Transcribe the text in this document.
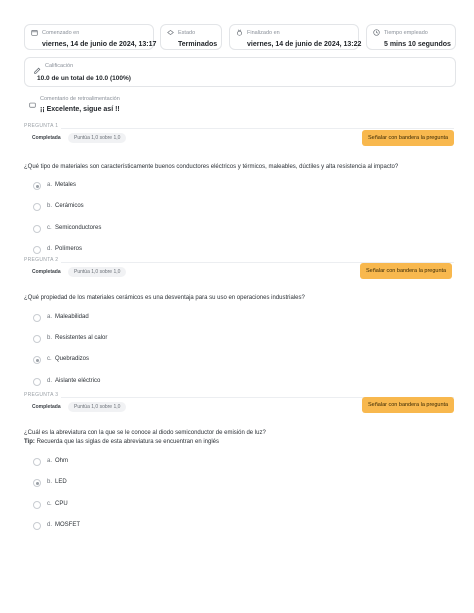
Comenzado en
viernes, 14 de junio de 2024, 13:17
Estado
Terminados
Finalizado en
viernes, 14 de junio de 2024, 13:22
Tiempo empleado
5 mins 10 segundos
Calificación
10.0 de un total de 10.0 (100%)
Comentario de retroalimentación
¡¡ Excelente, sigue así !!
PREGUNTA 1
Completada	Puntúa 1,0 sobre 1,0	Señalar con bandera la pregunta
¿Qué tipo de materiales son característicamente buenos conductores eléctricos y térmicos, maleables, dúctiles y alta resistencia al impacto?
a. Metales
b. Cerámicos
c. Semiconductores
d. Polímeros
PREGUNTA 2
Completada	Puntúa 1,0 sobre 1,0	Señalar con bandera la pregunta
¿Qué propiedad de los materiales cerámicos es una desventaja para su uso en operaciones industriales?
a. Maleabilidad
b. Resistentes al calor
c. Quebradizos
d. Aislante eléctrico
PREGUNTA 3
Completada	Puntúa 1,0 sobre 1,0	Señalar con bandera la pregunta
¿Cuál es la abreviatura con la que se le conoce al diodo semiconductor de emisión de luz?
Tip: Recuerda que las siglas de esta abreviatura se encuentran en inglés
a. Ohm
b. LED
c. CPU
d. MOSFET
